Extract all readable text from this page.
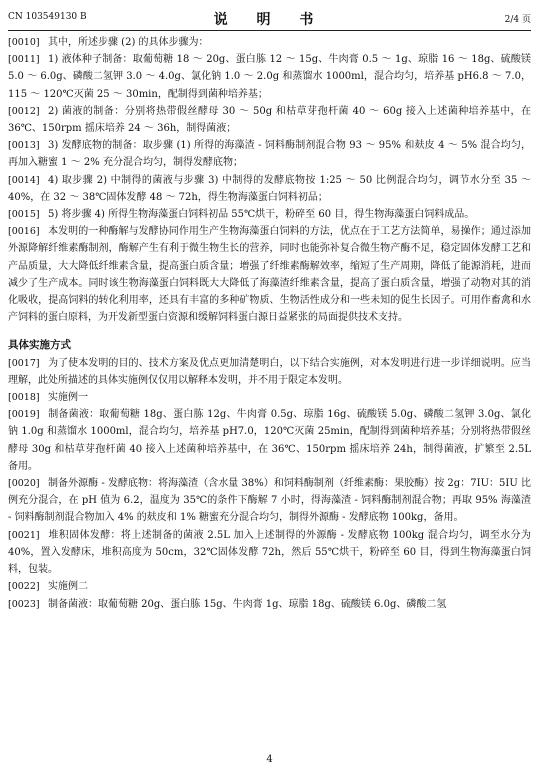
CN 103549130 B	说 明 书	2/4 页

[0010] 其中，所述步骤 (2) 的具体步骤为：

[0011] 1) 液体种子制备：取葡萄糖 18 ～ 20g、蛋白胨 12 ～ 15g、牛肉膏 0.5 ～ 1g、琼脂 16 ～ 18g、硫酸镁 5.0 ～ 6.0g、磷酸二氢钾 3.0 ～ 4.0g、氯化钠 1.0 ～ 2.0g 和蒸馏水 1000ml，混合均匀，培养基 pH6.8 ～ 7.0，115 ～ 120℃灭菌 25 ～ 30min，配制得到菌种培养基；

[0012] 2) 菌液的制备：分别将热带假丝酵母 30 ～ 50g 和枯草芽孢杆菌 40 ～ 60g 接入上述菌种培养基中，在 36℃、150rpm 摇床培养 24 ～ 36h，制得菌液；

[0013] 3) 发酵底物的制备：取步骤 (1) 所得的海藻渣 - 饲料酶制剂混合物 93 ～ 95% 和麸皮 4 ～ 5% 混合均匀，再加入糖蜜 1 ～ 2% 充分混合均匀，制得发酵底物；

[0014] 4) 取步骤 2) 中制得的菌液与步骤 3) 中制得的发酵底物按 1:25 ～ 50 比例混合均匀，调节水分至 35 ～ 40%，在 32 ～ 38℃固体发酵 48 ～ 72h，得生物海藻蛋白饲料初品；

[0015] 5) 将步骤 4) 所得生物海藻蛋白饲料初品 55℃烘干，粉碎至 60 目，得生物海藻蛋白饲料成品。

[0016] 本发明的一种酶解与发酵协同作用生产生物海藻蛋白饲料的方法，优点在于工艺方法简单，易操作；通过添加外源降解纤维素酶制剂，酶解产生有利于微生物生长的营养，同时也能弥补复合微生物产酶不足，稳定固体发酵工艺和产品质量，大大降低纤维素含量，提高蛋白质含量；增强了纤维素酶解效率，缩短了生产周期，降低了能源消耗，进而减少了生产成本。同时该生物海藻蛋白饲料既大大降低了海藻渣纤维素含量，提高了蛋白质含量，增强了动物对其的消化吸收，提高饲料的转化利用率，还具有丰富的多种矿物质、生物活性成分和一些未知的促生长因子。可用作畜禽和水产饲料的蛋白原料，为开发新型蛋白资源和缓解饲料蛋白源日益紧张的局面提供技术支持。

具体实施方式

[0017] 为了使本发明的目的、技术方案及优点更加清楚明白，以下结合实施例，对本发明进行进一步详细说明。应当理解，此处所描述的具体实施例仅仅用以解释本发明，并不用于限定本发明。

[0018] 实施例一

[0019] 制备菌液：取葡萄糖 18g、蛋白胨 12g、牛肉膏 0.5g、琼脂 16g、硫酸镁 5.0g、磷酸二氢钾 3.0g、氯化钠 1.0g 和蒸馏水 1000ml，混合均匀，培养基 pH7.0，120℃灭菌 25min，配制得到菌种培养基；分别将热带假丝酵母 30g 和枯草芽孢杆菌 40 接入上述菌种培养基中，在 36℃、150rpm 摇床培养 24h，制得菌液，扩繁至 2.5L 备用。

[0020] 制备外源酶 - 发酵底物：将海藻渣（含水量 38%）和饲料酶制剂（纤维素酶：果胶酶）按 2g：7IU：5IU 比例充分混合，在 pH 值为 6.2，温度为 35℃的条件下酶解 7 小时，得海藻渣 - 饲料酶制剂混合物；再取 95% 海藻渣 - 饲料酶制剂混合物加入 4% 的麸皮和 1% 糖蜜充分混合均匀，制得外源酶 - 发酵底物 100kg，备用。

[0021] 堆积固体发酵：将上述制备的菌液 2.5L 加入上述制得的外源酶 - 发酵底物 100kg 混合均匀，调至水分为 40%，置入发酵床，堆积高度为 50cm，32℃固体发酵 72h，然后 55℃烘干，粉碎至 60 目，得到生物海藻蛋白饲料，包装。

[0022] 实施例二

[0023] 制备菌液：取葡萄糖 20g、蛋白胨 15g、牛肉膏 1g、琼脂 18g、硫酸镁 6.0g、磷酸二氢

4
